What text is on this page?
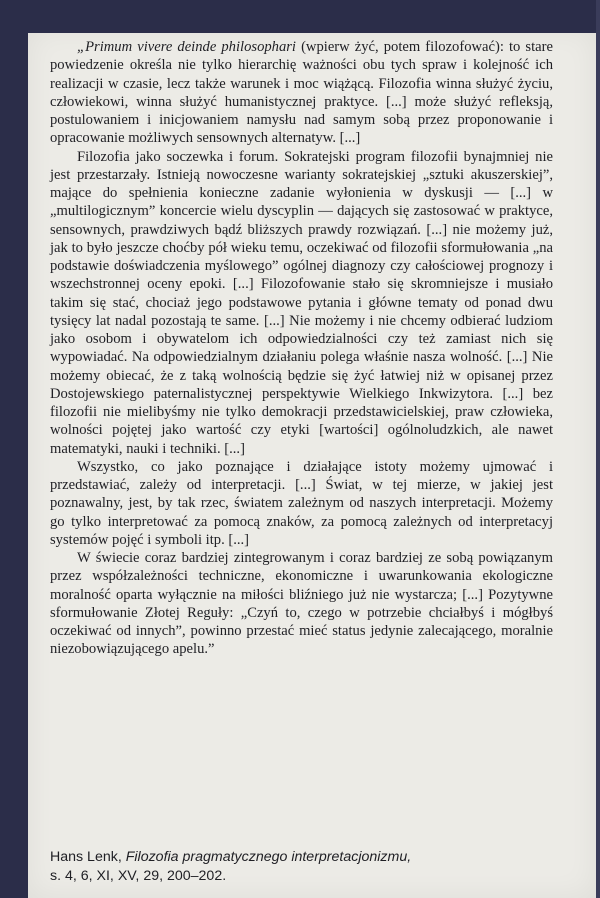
„Primum vivere deinde philosophari (wpierw żyć, potem filozofować): to stare powiedzenie określa nie tylko hierarchię ważności obu tych spraw i kolejność ich realizacji w czasie, lecz także warunek i moc wiążącą. Filozofia winna służyć życiu, człowiekowi, winna służyć humanistycznej praktyce. [...] może służyć refleksją, postulowaniem i inicjowaniem namysłu nad samym sobą przez proponowanie i opracowanie możliwych sensownych alternatyw. [...]

Filozofia jako soczewka i forum. Sokratejski program filozofii bynajmniej nie jest przestarzały. Istnieją nowoczesne warianty sokratejskiej „sztuki akuszerskiej”, mające do spełnienia konieczne zadanie wyłonienia w dyskusji — [...] w „multilogicznym” koncercie wielu dyscyplin — dających się zastosować w praktyce, sensownych, prawdziwych bądź bliższych prawdy rozwiązań. [...] nie możemy już, jak to było jeszcze choćby pół wieku temu, oczekiwać od filozofii sformułowania „na podstawie doświadczenia myślowego” ogólnej diagnozy czy całościowej prognozy i wszechstronnej oceny epoki. [...] Filozofowanie stało się skromniejsze i musiało takim się stać, chociaż jego podstawowe pytania i główne tematy od ponad dwu tysięcy lat nadal pozostają te same. [...] Nie możemy i nie chcemy odbierać ludziom jako osobom i obywatelom ich odpowiedzialności czy też zamiast nich się wypowiadać. Na odpowiedzialnym działaniu polega właśnie nasza wolność. [...] Nie możemy obiecać, że z taką wolnością będzie się żyć łatwiej niż w opisanej przez Dostojewskiego paternalistycznej perspektywie Wielkiego Inkwizytora. [...] bez filozofii nie mielibyśmy nie tylko demokracji przedstawicielskiej, praw człowieka, wolności pojętej jako wartość czy etyki [wartości] ogólnoludzkich, ale nawet matematyki, nauki i techniki. [...]

Wszystko, co jako poznające i działające istoty możemy ujmować i przedstawiać, zależy od interpretacji. [...] Świat, w tej mierze, w jakiej jest poznawalny, jest, by tak rzec, światem zależnym od naszych interpretacji. Możemy go tylko interpretować za pomocą znaków, za pomocą zależnych od interpretacyj systemów pojęć i symboli itp. [...]

W świecie coraz bardziej zintegrowanym i coraz bardziej ze sobą powiązanym przez współzależności techniczne, ekonomiczne i uwarunkowania ekologiczne moralność oparta wyłącznie na miłości bliźniego już nie wystarcza; [...] Pozytywne sformułowanie Złotej Reguły: „Czyń to, czego w potrzebie chciałbyś i mógłbyś oczekiwać od innych”, powinno przestać mieć status jedynie zalecającego, moralnie niezobowiązującego apelu.”

Hans Lenk, Filozofia pragmatycznego interpretacjonizmu,
s. 4, 6, XI, XV, 29, 200–202.
